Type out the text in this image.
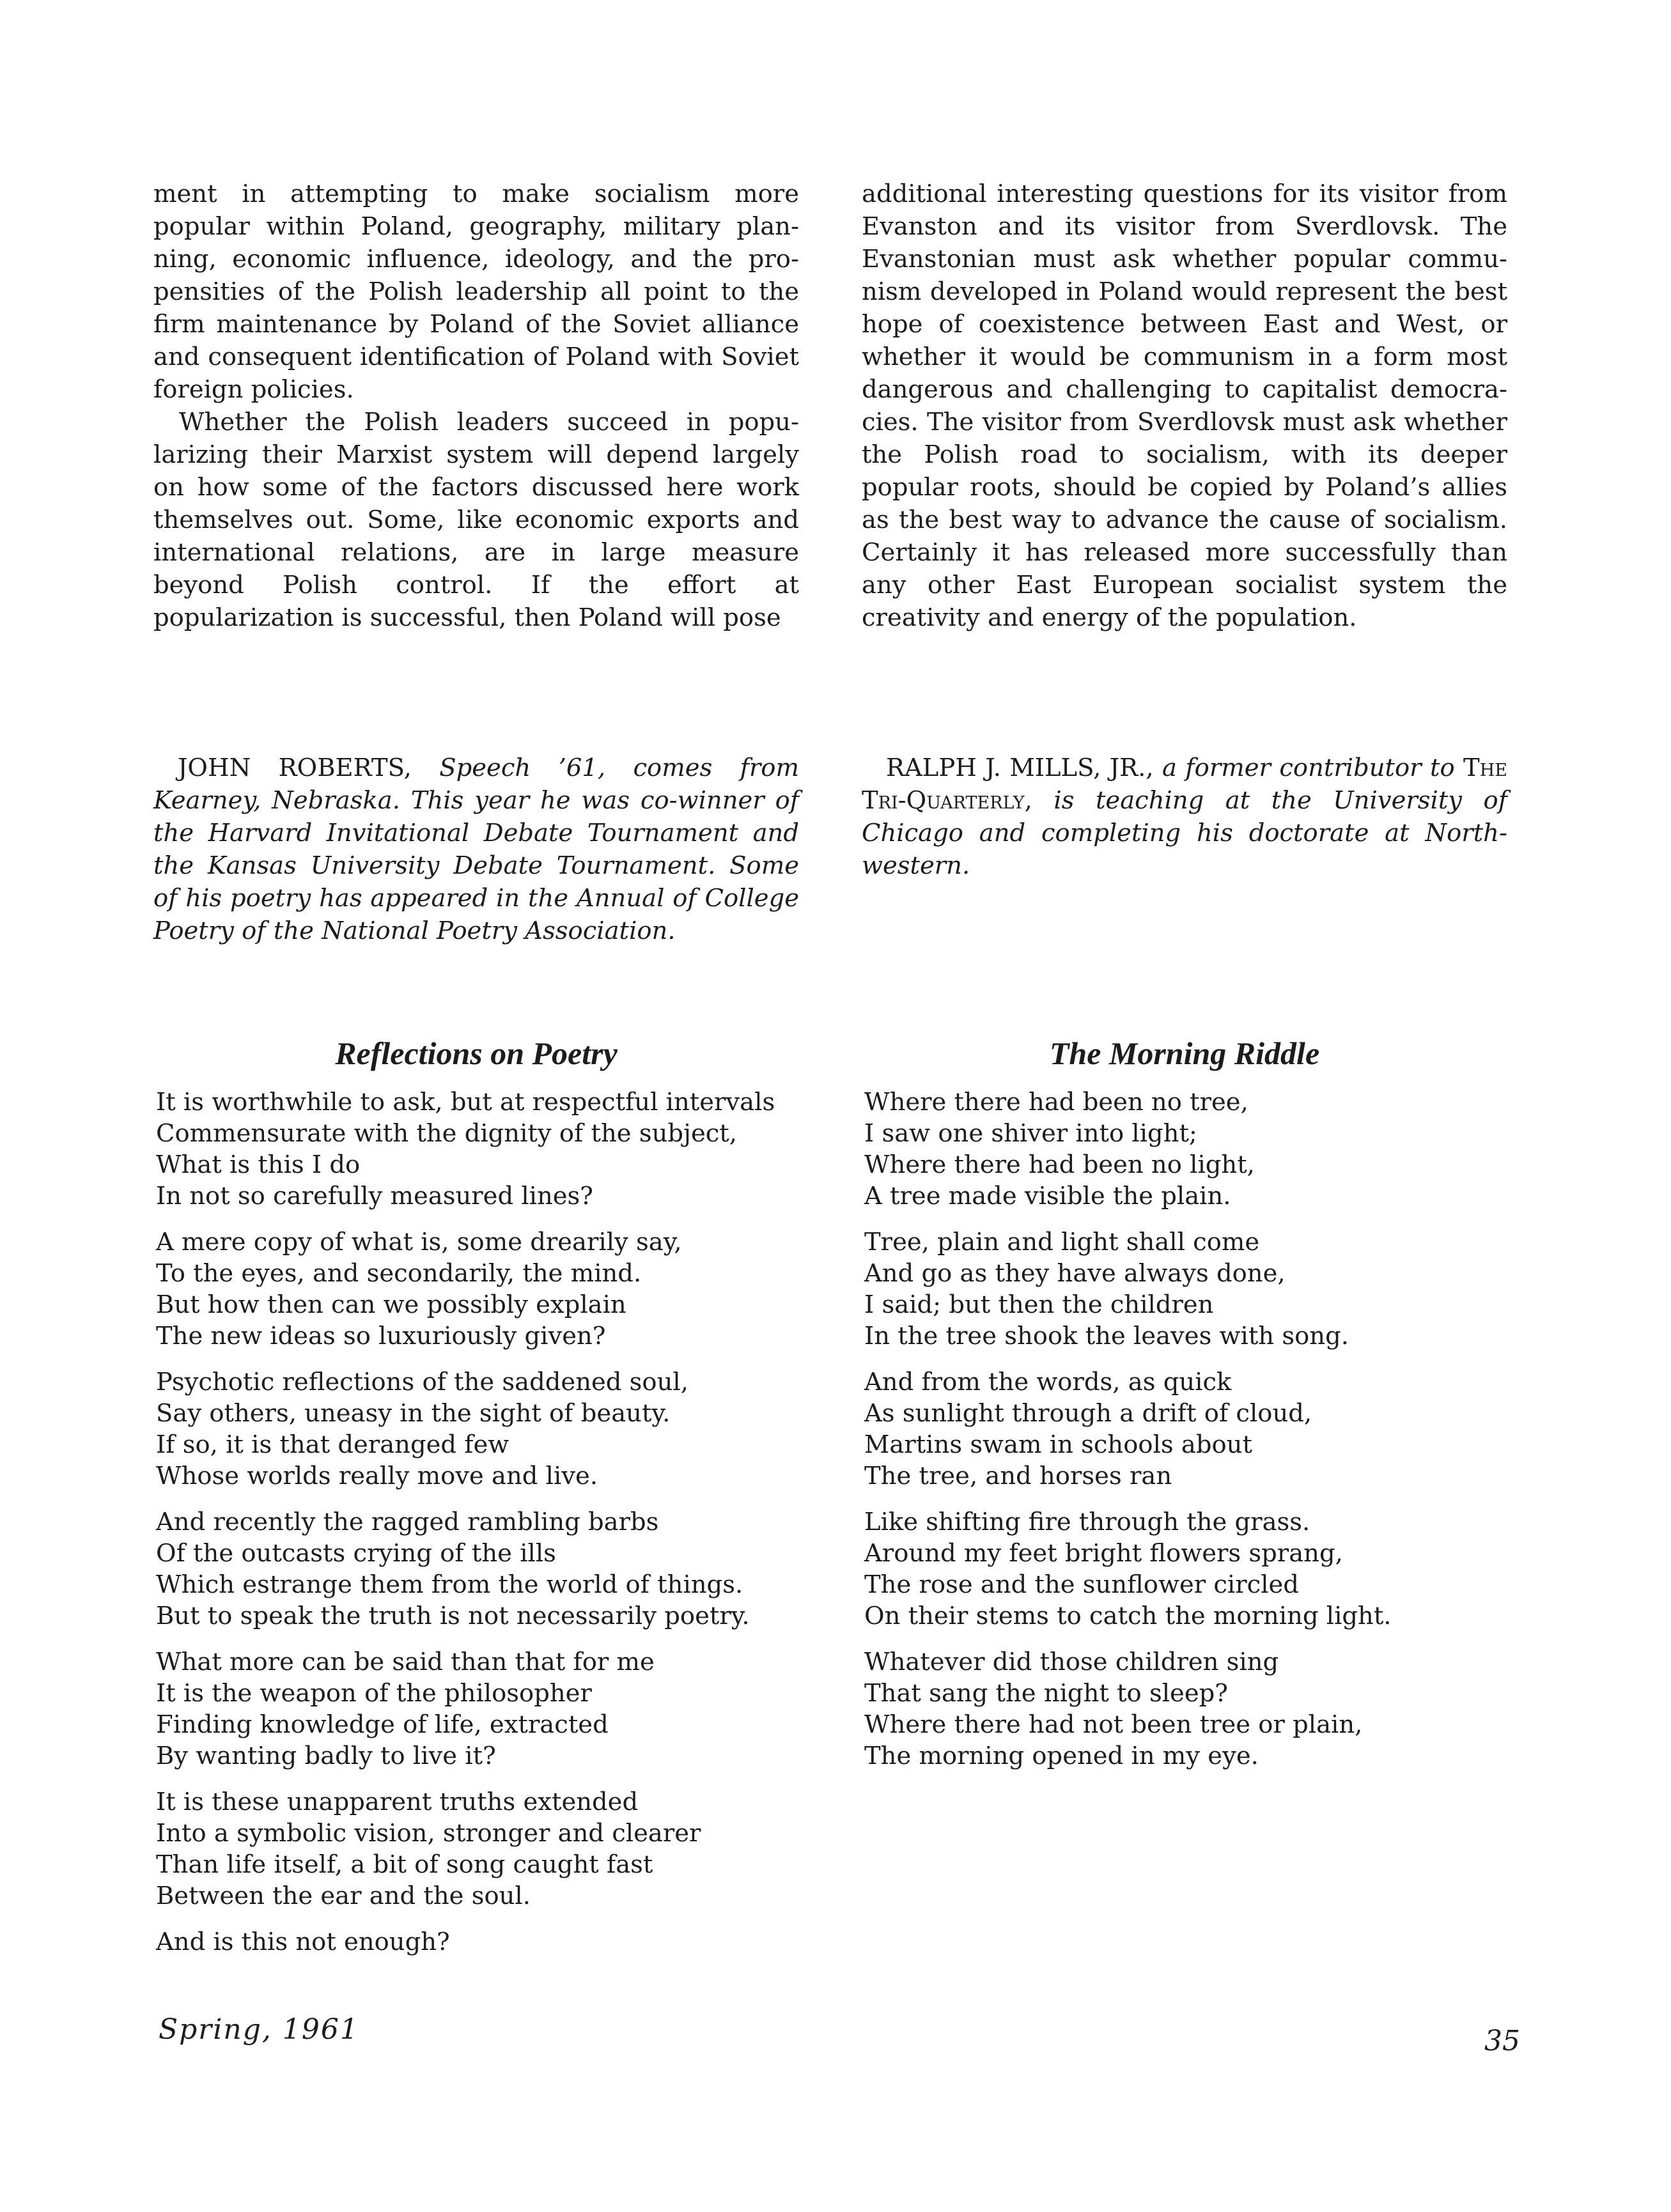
ment in attempting to make socialism more popular within Poland, geography, military planning, economic influence, ideology, and the propensities of the Polish leadership all point to the firm maintenance by Poland of the Soviet alliance and consequent identification of Poland with Soviet foreign policies.

Whether the Polish leaders succeed in popularizing their Marxist system will depend largely on how some of the factors discussed here work themselves out. Some, like economic exports and international relations, are in large measure beyond Polish control. If the effort at popularization is successful, then Poland will pose

additional interesting questions for its visitor from Evanston and its visitor from Sverdlovsk. The Evanstonian must ask whether popular communism developed in Poland would represent the best hope of coexistence between East and West, or whether it would be communism in a form most dangerous and challenging to capitalist democracies. The visitor from Sverdlovsk must ask whether the Polish road to socialism, with its deeper popular roots, should be copied by Poland’s allies as the best way to advance the cause of socialism. Certainly it has released more successfully than any other East European socialist system the creativity and energy of the population.

JOHN ROBERTS, Speech ’61, comes from Kearney, Nebraska. This year he was co-winner of the Harvard Invitational Debate Tournament and the Kansas University Debate Tournament. Some of his poetry has appeared in the Annual of College Poetry of the National Poetry Association.

RALPH J. MILLS, JR., a former contributor to The Tri-Quarterly, is teaching at the University of Chicago and completing his doctorate at Northwestern.

Reflections on Poetry
It is worthwhile to ask, but at respectful intervals
Commensurate with the dignity of the subject,
What is this I do
In not so carefully measured lines?
A mere copy of what is, some drearily say,
To the eyes, and secondarily, the mind.
But how then can we possibly explain
The new ideas so luxuriously given?
Psychotic reflections of the saddened soul,
Say others, uneasy in the sight of beauty.
If so, it is that deranged few
Whose worlds really move and live.
And recently the ragged rambling barbs
Of the outcasts crying of the ills
Which estrange them from the world of things.
But to speak the truth is not necessarily poetry.
What more can be said than that for me
It is the weapon of the philosopher
Finding knowledge of life, extracted
By wanting badly to live it?
It is these unapparent truths extended
Into a symbolic vision, stronger and clearer
Than life itself, a bit of song caught fast
Between the ear and the soul.
And is this not enough?
The Morning Riddle
Where there had been no tree,
I saw one shiver into light;
Where there had been no light,
A tree made visible the plain.
Tree, plain and light shall come
And go as they have always done,
I said; but then the children
In the tree shook the leaves with song.
And from the words, as quick
As sunlight through a drift of cloud,
Martins swam in schools about
The tree, and horses ran
Like shifting fire through the grass.
Around my feet bright flowers sprang,
The rose and the sunflower circled
On their stems to catch the morning light.
Whatever did those children sing
That sang the night to sleep?
Where there had not been tree or plain,
The morning opened in my eye.
Spring, 1961	35
